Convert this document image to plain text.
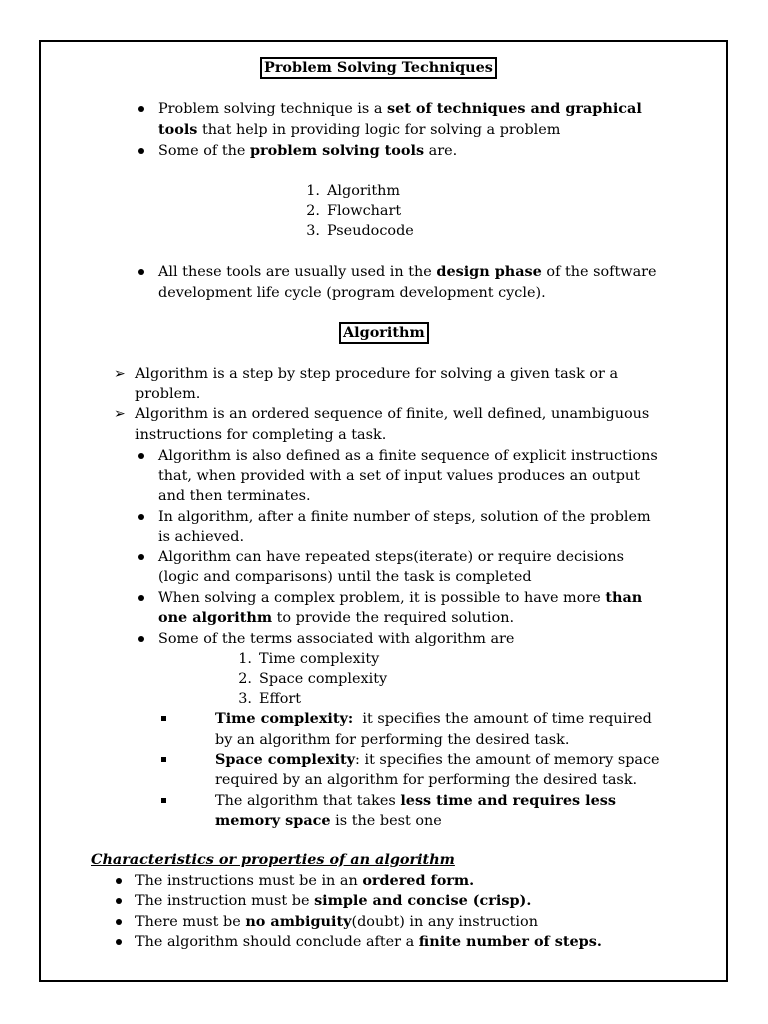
Problem Solving Techniques
Problem solving technique is a set of techniques and graphical
tools that help in providing logic for solving a problem
Some of the problem solving tools are.
1. Algorithm
2. Flowchart
3. Pseudocode
All these tools are usually used in the design phase of the software
development life cycle (program development cycle).
Algorithm
➢ Algorithm is a step by step procedure for solving a given task or a
problem.
➢ Algorithm is an ordered sequence of finite, well defined, unambiguous
instructions for completing a task.
Algorithm is also defined as a finite sequence of explicit instructions
that, when provided with a set of input values produces an output
and then terminates.
In algorithm, after a finite number of steps, solution of the problem
is achieved.
Algorithm can have repeated steps(iterate) or require decisions
(logic and comparisons) until the task is completed
When solving a complex problem, it is possible to have more than
one algorithm to provide the required solution.
Some of the terms associated with algorithm are
1. Time complexity
2. Space complexity
3. Effort
Time complexity:  it specifies the amount of time required
by an algorithm for performing the desired task.
Space complexity: it specifies the amount of memory space
required by an algorithm for performing the desired task.
The algorithm that takes less time and requires less
memory space is the best one
Characteristics or properties of an algorithm
The instructions must be in an ordered form.
The instruction must be simple and concise (crisp).
There must be no ambiguity(doubt) in any instruction
The algorithm should conclude after a finite number of steps.
